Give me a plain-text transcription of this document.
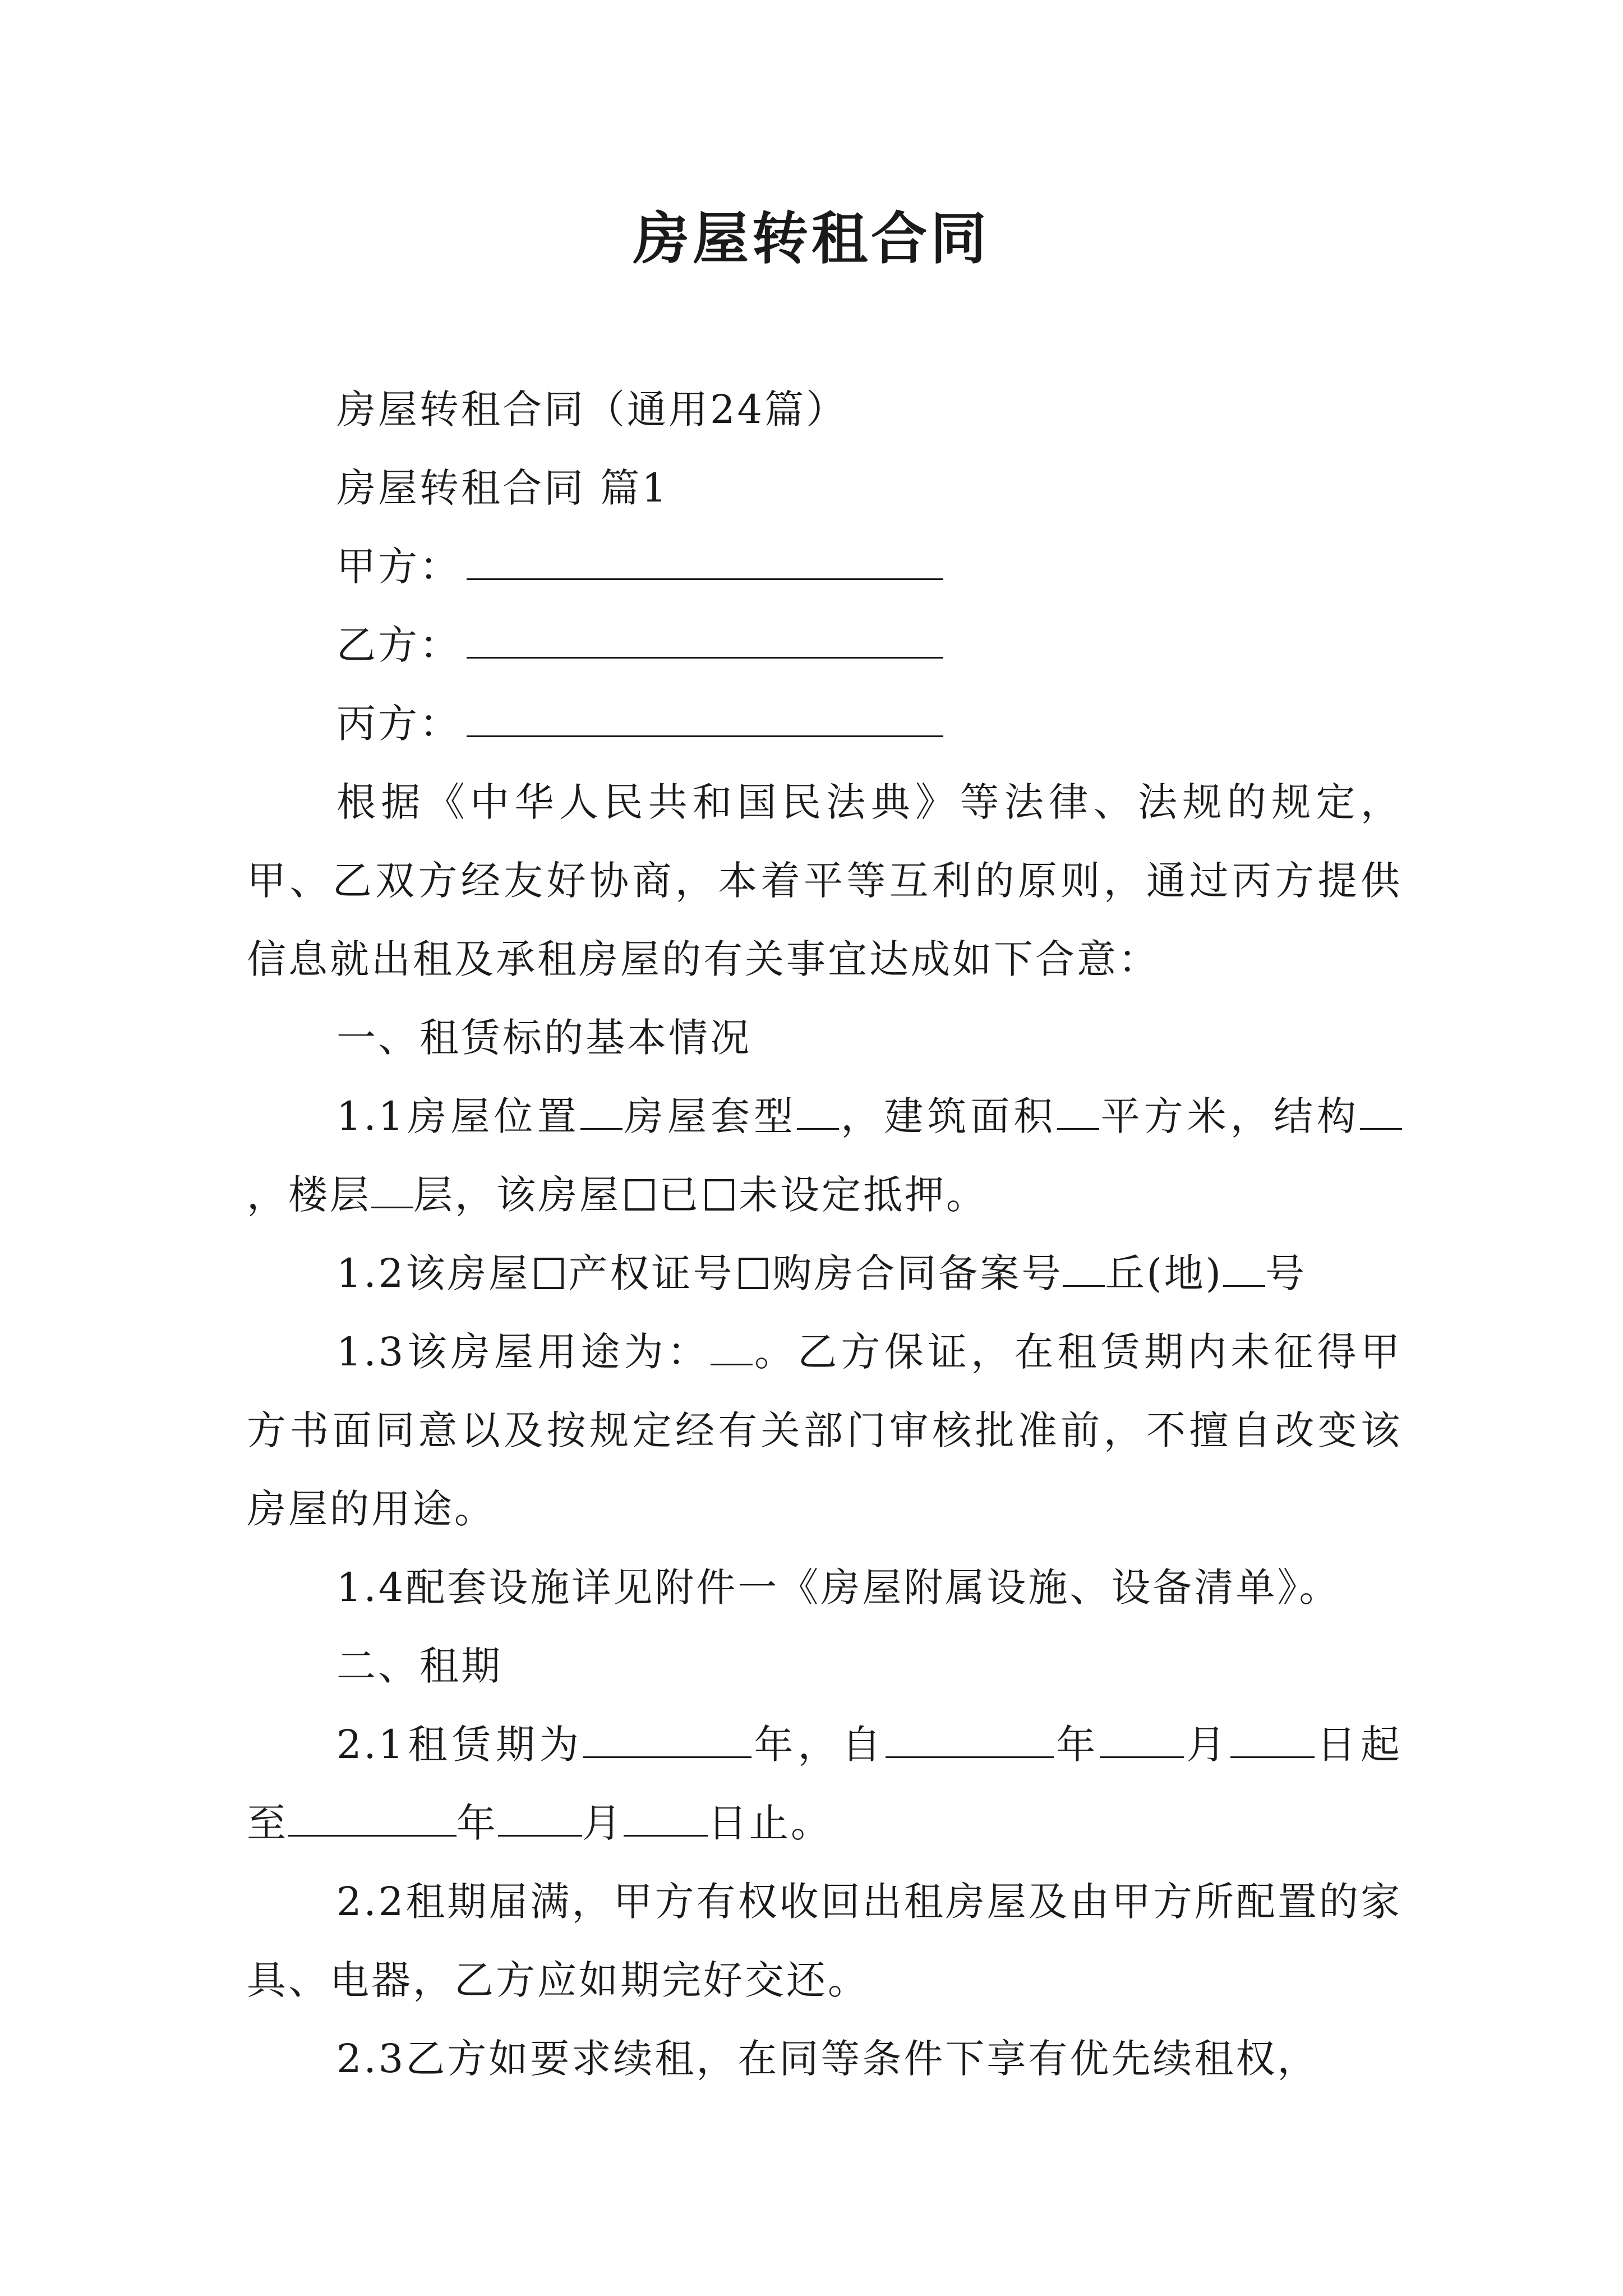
房屋转租合同

房屋转租合同（通用24篇）

房屋转租合同 篇1

甲方：

乙方：

丙方：

根据《中华人民共和国民法典》等法律、法规的规定，甲、乙双方经友好协商，本着平等互利的原则，通过丙方提供信息就出租及承租房屋的有关事宜达成如下合意：

一、租赁标的基本情况

1.1房屋位置 房屋套型 ，建筑面积 平方米，结构，楼层 层，该房屋 已 未设定抵押。

1.2该房屋 产权证号 购房合同备案号 丘(地) 号

1.3该房屋用途为： 。乙方保证，在租赁期内未征得甲方书面同意以及按规定经有关部门审核批准前，不擅自改变该房屋的用途。

1.4配套设施详见附件一《房屋附属设施、设备清单》。

二、租期

2.1租赁期为	年，自	年 月 日起至	年 月 日止。

2.2租期届满，甲方有权收回出租房屋及由甲方所配置的家具、电器，乙方应如期完好交还。

2.3乙方如要求续租，在同等条件下享有优先续租权，
